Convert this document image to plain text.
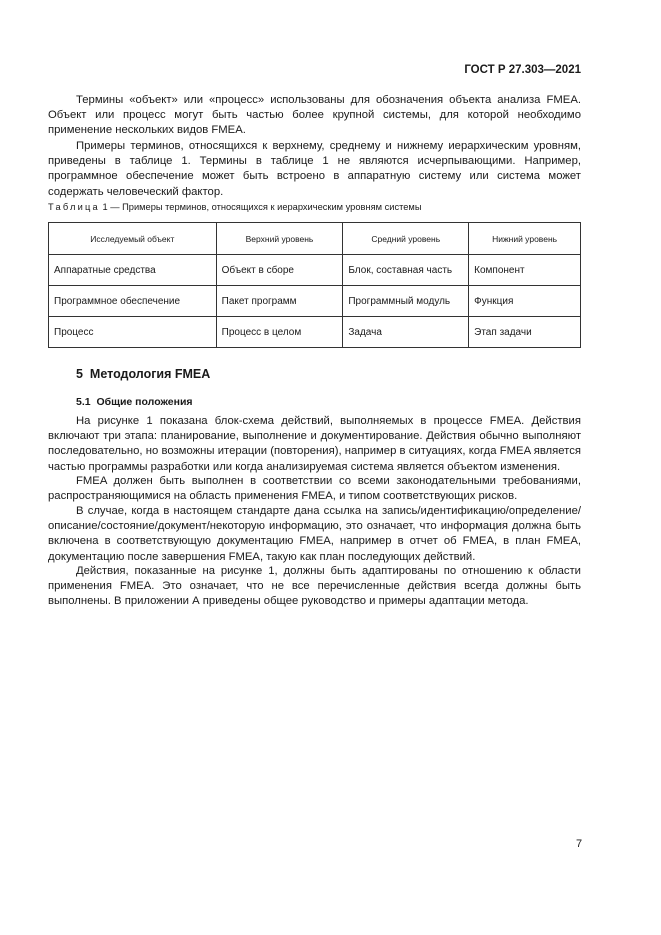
ГОСТ Р 27.303—2021

Термины «объект» или «процесс» использованы для обозначения объекта анализа FMEA. Объект или процесс могут быть частью более крупной системы, для которой необходимо применение нескольких видов FMEA.

Примеры терминов, относящихся к верхнему, среднему и нижнему иерархическим уровням, приведены в таблице 1. Термины в таблице 1 не являются исчерпывающими. Например, программное обеспечение может быть встроено в аппаратную систему или система может содержать человеческий фактор.

Таблица 1 — Примеры терминов, относящихся к иерархическим уровням системы
Исследуемый объект	Верхний уровень	Средний уровень	Нижний уровень
Аппаратные средства	Объект в сборе	Блок, составная часть	Компонент
Программное обеспечение	Пакет программ	Программный модуль	Функция
Процесс	Процесс в целом	Задача	Этап задачи
5 Методология FMEA
5.1 Общие положения

На рисунке 1 показана блок-схема действий, выполняемых в процессе FMEA. Действия включают три этапа: планирование, выполнение и документирование. Действия обычно выполняют последовательно, но возможны итерации (повторения), например в ситуациях, когда FMEA является частью программы разработки или когда анализируемая система является объектом изменения.

FMEA должен быть выполнен в соответствии со всеми законодательными требованиями, распространяющимися на область применения FMEA, и типом соответствующих рисков.

В случае, когда в настоящем стандарте дана ссылка на запись/идентификацию/определение/описание/состояние/документ/некоторую информацию, это означает, что информация должна быть включена в соответствующую документацию FMEA, например в отчет об FMEA, в план FMEA, документацию после завершения FMEA, такую как план последующих действий.

Действия, показанные на рисунке 1, должны быть адаптированы по отношению к области применения FMEA. Это означает, что не все перечисленные действия всегда должны быть выполнены. В приложении А приведены общее руководство и примеры адаптации метода.

7
